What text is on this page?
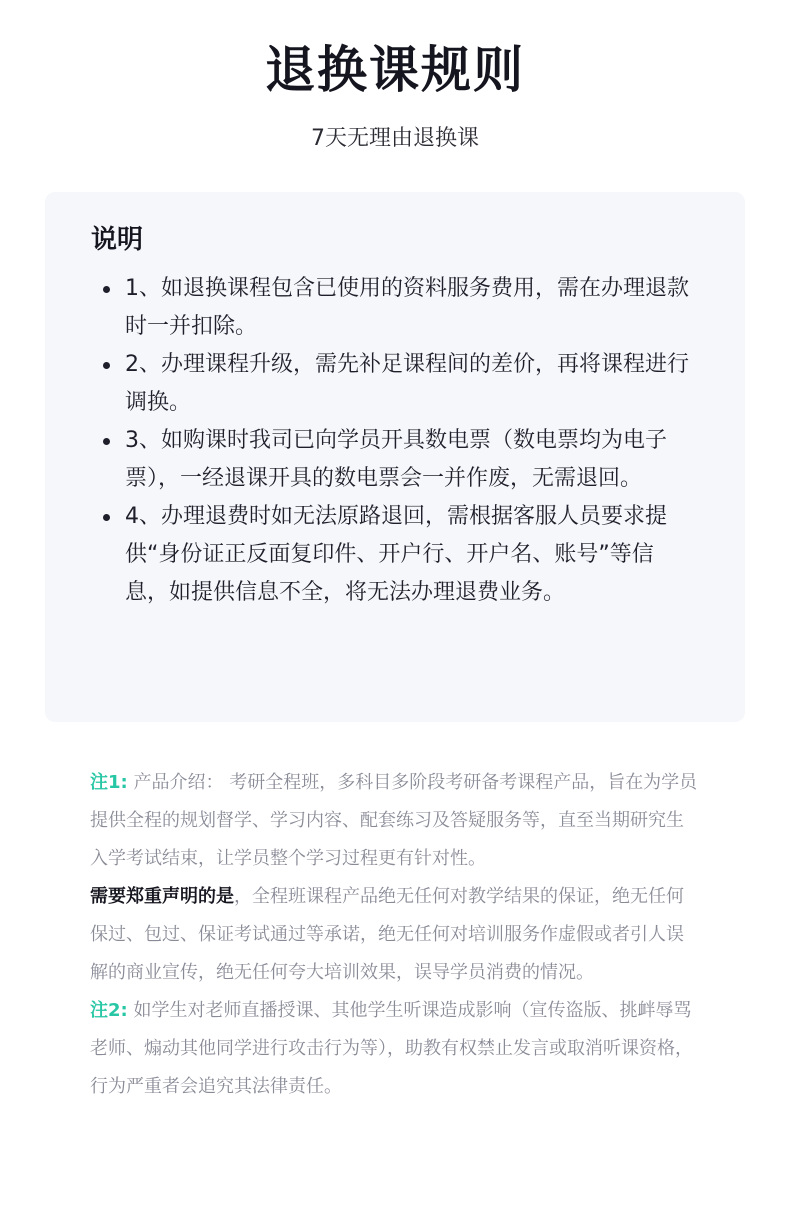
退换课规则
7天无理由退换课
说明
1、如退换课程包含已使用的资料服务费用，需在办理退款时一并扣除。
2、办理课程升级，需先补足课程间的差价，再将课程进行调换。
3、如购课时我司已向学员开具数电票（数电票均为电子票），一经退课开具的数电票会一并作废，无需退回。
4、办理退费时如无法原路退回，需根据客服人员要求提供“身份证正反面复印件、开户行、开户名、账号”等信息，如提供信息不全，将无法办理退费业务。

注1: 产品介绍： 考研全程班，多科目多阶段考研备考课程产品，旨在为学员提供全程的规划督学、学习内容、配套练习及答疑服务等，直至当期研究生入学考试结束，让学员整个学习过程更有针对性。

需要郑重声明的是，全程班课程产品绝无任何对教学结果的保证，绝无任何保过、包过、保证考试通过等承诺，绝无任何对培训服务作虚假或者引人误解的商业宣传，绝无任何夸大培训效果，误导学员消费的情况。

注2: 如学生对老师直播授课、其他学生听课造成影响（宣传盗版、挑衅辱骂老师、煽动其他同学进行攻击行为等），助教有权禁止发言或取消听课资格，行为严重者会追究其法律责任。
